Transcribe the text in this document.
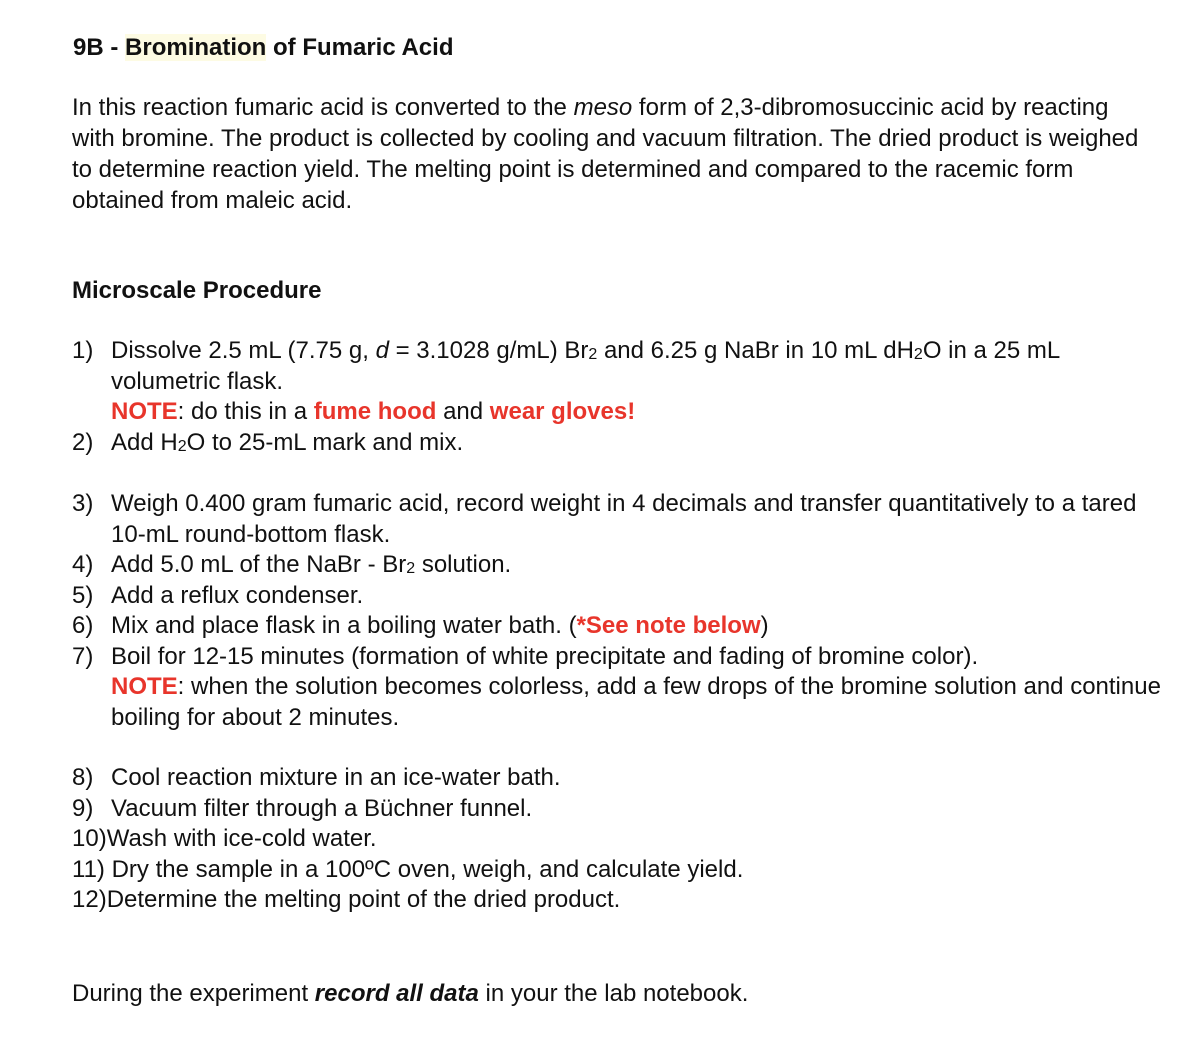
9B - Bromination of Fumaric Acid
In this reaction fumaric acid is converted to the meso form of 2,3-dibromosuccinic acid by reacting with bromine. The product is collected by cooling and vacuum filtration. The dried product is weighed to determine reaction yield. The melting point is determined and compared to the racemic form obtained from maleic acid.
Microscale Procedure
1) Dissolve 2.5 mL (7.75 g, d = 3.1028 g/mL) $Br_2$ and 6.25 g NaBr in 10 mL $dH_2O$ in a 25 mL volumetric flask.
NOTE: do this in a fume hood and wear gloves!
2) Add $H_2O$ to 25-mL mark and mix.
3) Weigh 0.400 gram fumaric acid, record weight in 4 decimals and transfer quantitatively to a tared 10-mL round-bottom flask.
4) Add 5.0 mL of the NaBr - $Br_2$ solution.
5) Add a reflux condenser.
6) Mix and place flask in a boiling water bath. (*See note below)
7) Boil for 12-15 minutes (formation of white precipitate and fading of bromine color).
NOTE: when the solution becomes colorless, add a few drops of the bromine solution and continue boiling for about 2 minutes.
8) Cool reaction mixture in an ice-water bath.
9) Vacuum filter through a Büchner funnel.
10) Wash with ice-cold water.
11) Dry the sample in a 100ºC oven, weigh, and calculate yield.
12) Determine the melting point of the dried product.
During the experiment record all data in your the lab notebook.
